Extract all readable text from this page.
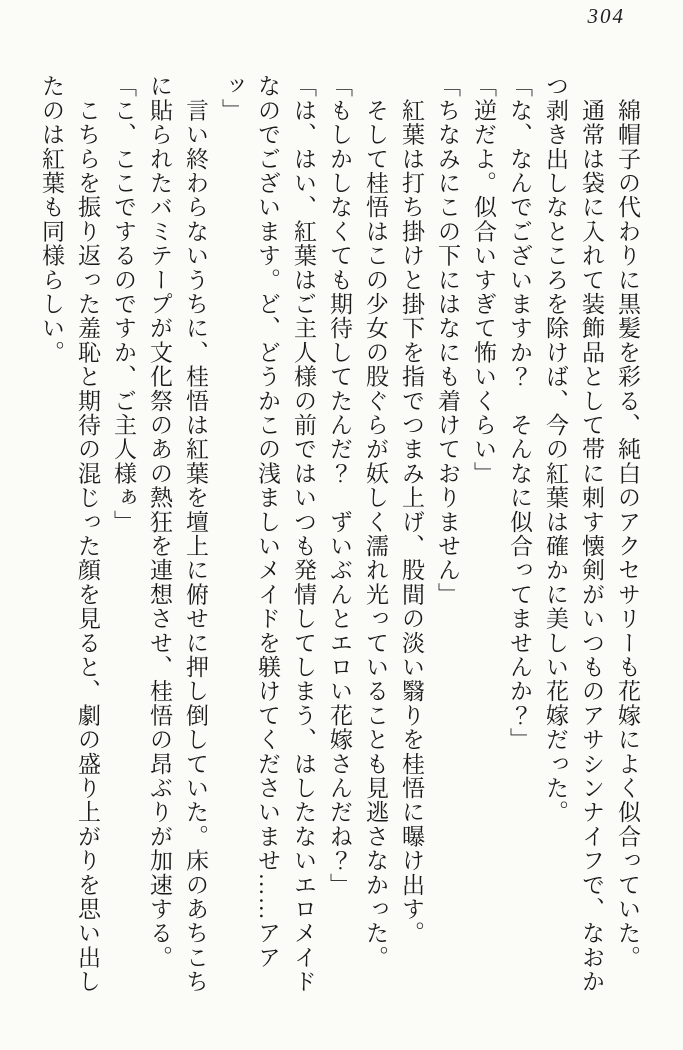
304
　綿帽子の代わりに黒髪を彩る、純白のアクセサリーも花嫁によく似合っていた。
　通常は袋に入れて装飾品として帯に刺す懐剣がいつものアサシンナイフで、なおか
つ剥き出しなところを除けば、今の紅葉は確かに美しい花嫁だった。
「な、なんでございますか？　そんなに似合ってませんか？」
「逆だよ。似合いすぎて怖いくらい」
「ちなみにこの下にはなにも着けておりません」
　紅葉は打ち掛けと掛下を指でつまみ上げ、股間の淡い翳りを桂悟に曝け出す。
　そして桂悟はこの少女の股ぐらが妖しく濡れ光っていることも見逃さなかった。
「もしかしなくても期待してたんだ？　ずいぶんとエロい花嫁さんだね？」
「は、はい、紅葉はご主人様の前ではいつも発情してしまう、はしたないエロメイド
なのでございます。ど、どうかこの浅ましいメイドを躾けてくださいませ……アア
ッ」
　言い終わらないうちに、桂悟は紅葉を壇上に俯せに押し倒していた。床のあちこち
に貼られたバミテープが文化祭のあの熱狂を連想させ、桂悟の昂ぶりが加速する。
「こ、ここでするのですか、ご主人様ぁ」
　こちらを振り返った羞恥と期待の混じった顔を見ると、劇の盛り上がりを思い出し
たのは紅葉も同様らしい。
